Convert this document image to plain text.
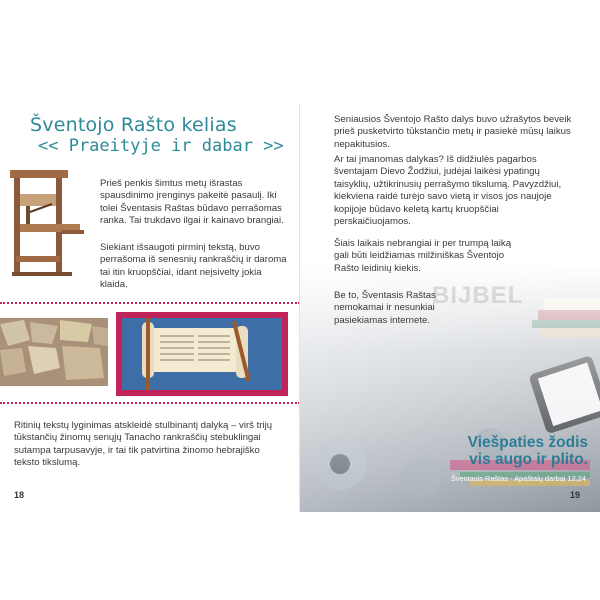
Šventojo Rašto kelias
<< Praeityje ir dabar >>

Prieš penkis šimtus metų išrastas spausdinimo įrenginys pakeitė pasaulį. Iki tolei Šventasis Raštas būdavo perrašomas ranka. Tai trukdavo ilgai ir kainavo brangiai.

Siekiant išsaugoti pirminį tekstą, buvo perrašoma iš senesnių rankraščių ir daroma tai itin kruopščiai, idant neįsivelty jokia klaida.

Ritinių tekstų lyginimas atskleidė stulbinantį dalyką – virš trijų tūkstančių žinomų senųjų Tanacho rankraščių stebuklingai sutampa tarpusavyje, ir tai tik patvirtina žinomo hebrajiško teksto tikslumą.

18
BIJBEL

Seniausios Šventojo Rašto dalys buvo užrašytos beveik prieš pusketvirto tūkstančio metų ir pasiekė mūsų laikus nepakitusios.

Ar tai įmanomas dalykas? Iš didžiulės pagarbos šventajam Dievo Žodžiui, judėjai laikėsi ypatingų taisyklių, užtikrinusių perrašymo tikslumą. Pavyzdžiui, kiekviena raidė turėjo savo vietą ir visos jos naujoje kopijoje būdavo keletą kartų kruopščiai perskaičiuojamos.

Šiais laikais nebrangiai ir per trumpą laiką gali būti leidžiamas milžiniškas Šventojo Rašto leidinių kiekis.

Be to, Šventasis Raštas nemokamai ir nesunkiai pasiekiamas internete.

Viešpaties žodis
vis augo ir plito.
Šventasis Raštas - Apaštalų darbai 12,24
19
